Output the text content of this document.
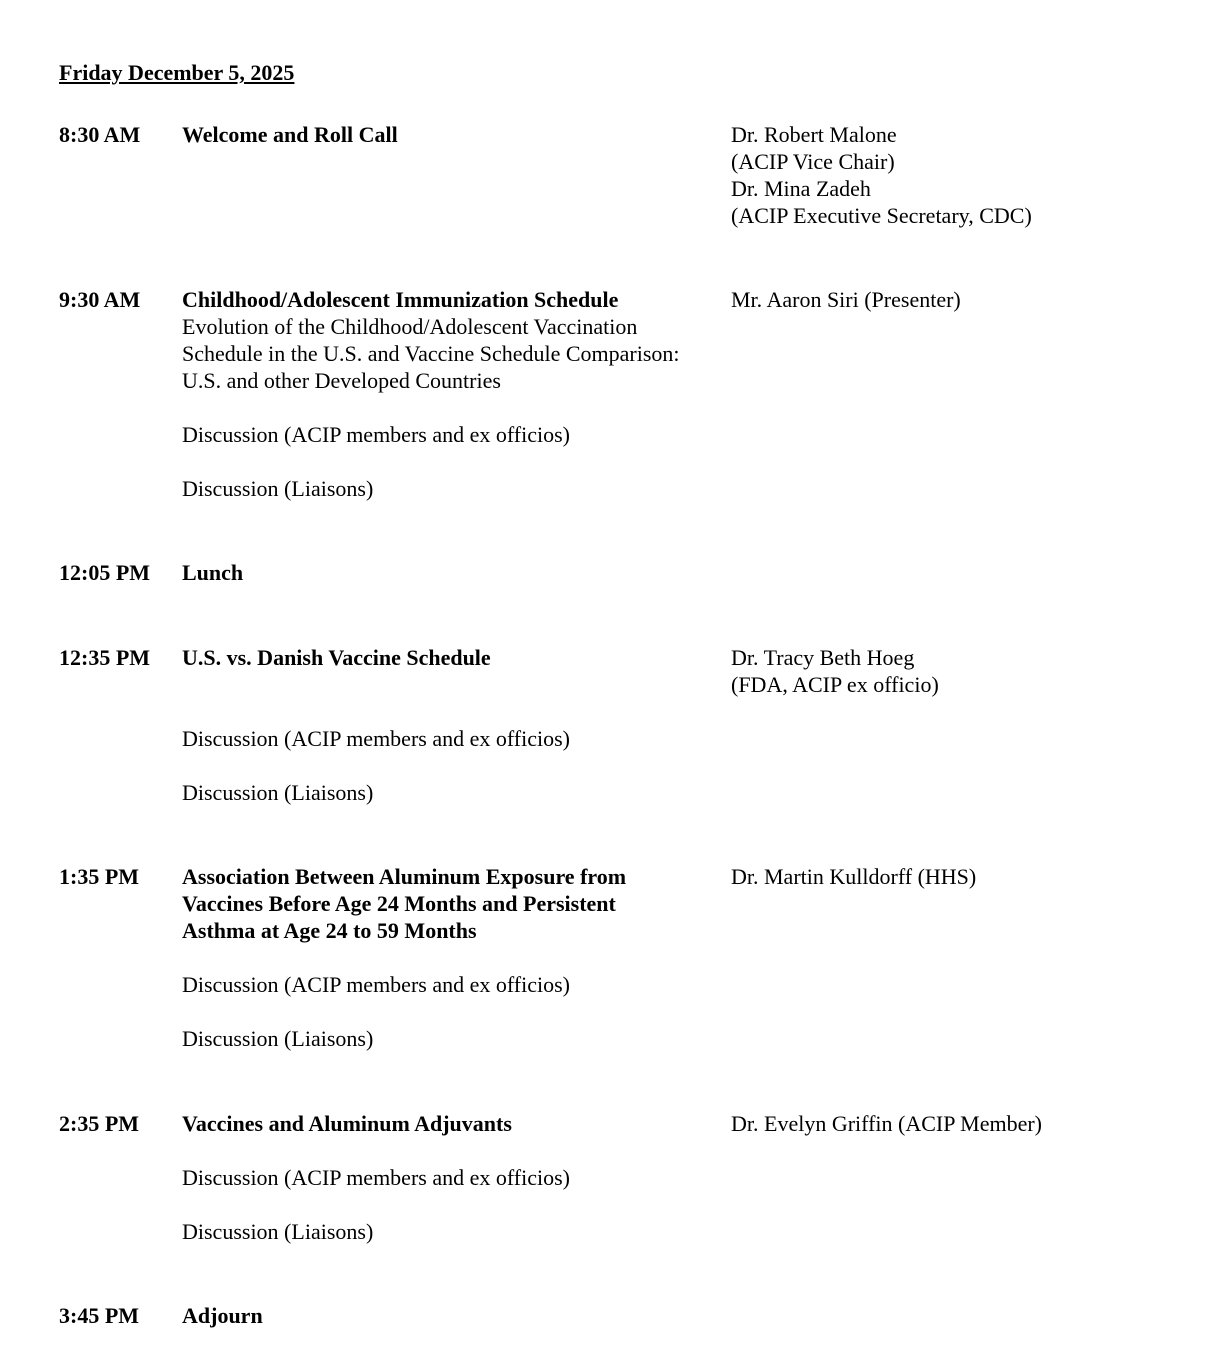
Friday December 5, 2025
8:30 AM Welcome and Roll Call	Dr. Robert Malone
(ACIP Vice Chair)
Dr. Mina Zadeh
(ACIP Executive Secretary, CDC)
9:30 AM Childhood/Adolescent Immunization Schedule
Evolution of the Childhood/Adolescent Vaccination
Schedule in the U.S. and Vaccine Schedule Comparison:
U.S. and other Developed Countries
Discussion (ACIP members and ex officios)
Discussion (Liaisons)
Mr. Aaron Siri (Presenter)
12:05 PM Lunch
12:35 PM U.S. vs. Danish Vaccine Schedule
Discussion (ACIP members and ex officios)
Discussion (Liaisons)
Dr. Tracy Beth Hoeg
(FDA, ACIP ex officio)
1:35 PM Association Between Aluminum Exposure from
Vaccines Before Age 24 Months and Persistent
Asthma at Age 24 to 59 Months
Discussion (ACIP members and ex officios)
Discussion (Liaisons)
Dr. Martin Kulldorff (HHS)
2:35 PM Vaccines and Aluminum Adjuvants
Discussion (ACIP members and ex officios)
Discussion (Liaisons)
Dr. Evelyn Griffin (ACIP Member)
3:45 PM Adjourn
